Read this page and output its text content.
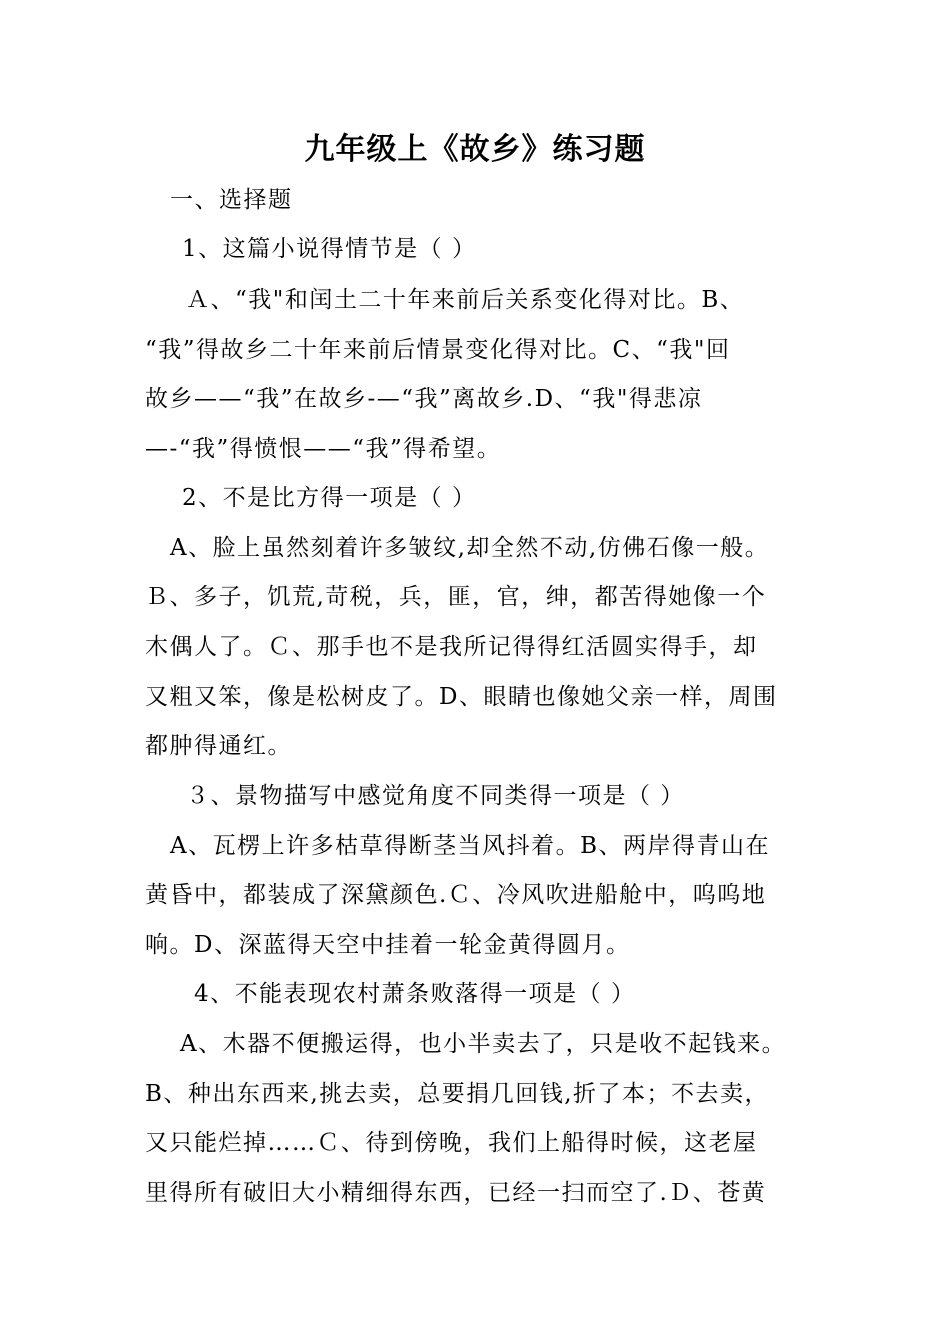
九年级上《故乡》练习题
一、选择题
1、这篇小说得情节是（ ）
Ａ、“我"和闰土二十年来前后关系变化得对比。B、
“我”得故乡二十年来前后情景变化得对比。C、“我"回
故乡——“我”在故乡-—“我”离故乡.D、“我"得悲凉
—-“我”得愤恨——“我”得希望。
2、不是比方得一项是（ ）
A、脸上虽然刻着许多皱纹,却全然不动,仿佛石像一般。
Ｂ、多子，饥荒,苛税，兵，匪，官，绅，都苦得她像一个
木偶人了。Ｃ、那手也不是我所记得得红活圆实得手，却
又粗又笨，像是松树皮了。D、眼睛也像她父亲一样，周围
都肿得通红。
３、景物描写中感觉角度不同类得一项是（ ）
A、瓦楞上许多枯草得断茎当风抖着。B、两岸得青山在
黄昏中，都装成了深黛颜色.Ｃ、冷风吹进船舱中，呜呜地
响。D、深蓝得天空中挂着一轮金黄得圆月。
4、不能表现农村萧条败落得一项是（ ）
A、木器不便搬运得，也小半卖去了，只是收不起钱来。
B、种出东西来,挑去卖，总要捐几回钱,折了本；不去卖，
又只能烂掉……Ｃ、待到傍晚，我们上船得时候，这老屋
里得所有破旧大小精细得东西，已经一扫而空了.Ｄ、苍黄
